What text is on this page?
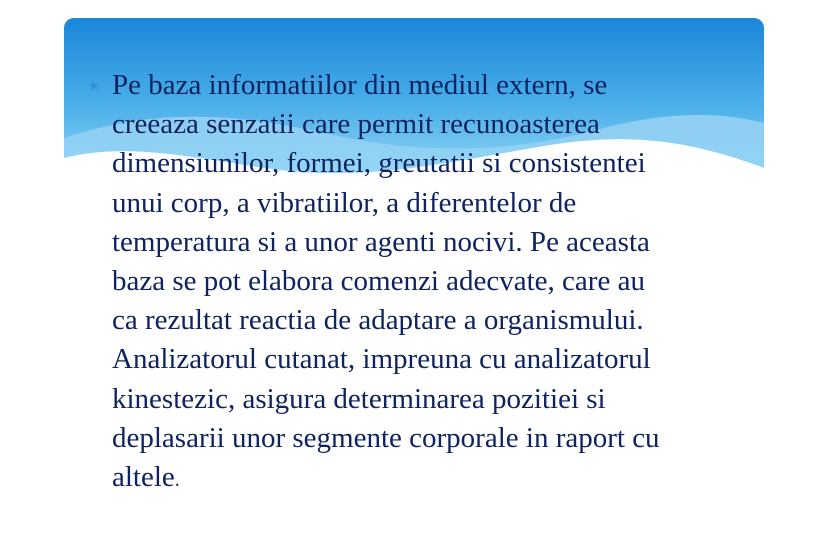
✳ Pe baza informatiilor din mediul extern, se
creeaza senzatii care permit recunoasterea
dimensiunilor, formei, greutatii si consistentei
unui corp, a vibratiilor, a diferentelor de
temperatura si a unor agenti nocivi. Pe aceasta
baza se pot elabora comenzi adecvate, care au
ca rezultat reactia de adaptare a organismului.
Analizatorul cutanat, impreuna cu analizatorul
kinestezic, asigura determinarea pozitiei si
deplasarii unor segmente corporale in raport cu
altele.
